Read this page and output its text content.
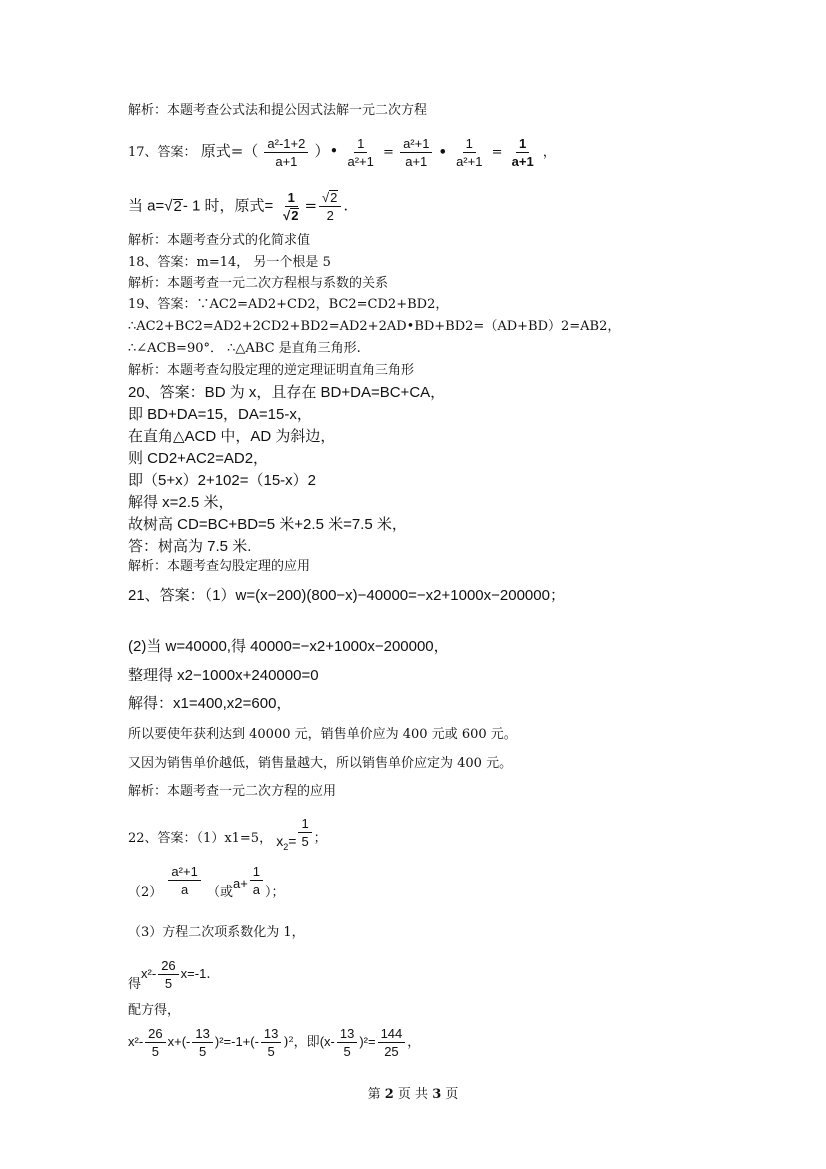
解析：本题考查公式法和提公因式法解一元二次方程
17、答案： 原式=（ $\frac{\text{a²-1+2}}{a+1}$ ）• $\frac{1}{\text{a²+1}} = \frac{\text{a²+1}}{a+1}$ • $\frac{1}{\text{a²+1}} = \frac{1}{a+1}$ ，
当 a=√2- 1 时，原式= $\frac{1}{√2} = \frac{√2}{2}$ .
解析：本题考查分式的化简求值
18、答案：m=14， 另一个根是 5
解析：本题考查一元二次方程根与系数的关系
19、答案：∵AC2=AD2+CD2，BC2=CD2+BD2，
∴AC2+BC2=AD2+2CD2+BD2=AD2+2AD•BD+BD2=（AD+BD）2=AB2，
∴∠ACB=90°． ∴△ABC 是直角三角形.
解析：本题考查勾股定理的逆定理证明直角三角形
20、答案：BD 为 x，且存在 BD+DA=BC+CA，
即 BD+DA=15，DA=15-x，
在直角△ACD 中，AD 为斜边，
则 CD2+AC2=AD2，
即（5+x）2+102=（15-x）2
解得 x=2.5 米，
故树高 CD=BC+BD=5 米+2.5 米=7.5 米，
答：树高为 7.5 米.
解析：本题考查勾股定理的应用
21、答案：（1）w=(x−200)(800−x)−40000=−x2+1000x−200000；
(2)当 w=40000,得 40000=−x2+1000x−200000，
整理得 x2−1000x+240000=0
解得：x1=400,x2=600，
所以要使年获利达到 40000 元，销售单价应为 400 元或 600 元。
又因为销售单价越低，销售量越大，所以销售单价应定为 400 元。
解析：本题考查一元二次方程的应用
22、答案：（1）x1=5， $x_2= \frac{1}{5}$ ；
$(2) \frac{\text{a²+1}}{a}$ （或$a+ \frac{1}{a}$ ）；
（3）方程二次项系数化为 1，
得$x^2- \frac{26}{5} x=-1$.
配方得，
$x^2- \frac{26}{5} x+(- \frac{13}{5} )^2=-1+(- \frac{13}{5} )^2$，即$(x- \frac{13}{5} )^2= \frac{144}{25}$ ，
第 2 页 共 3 页
